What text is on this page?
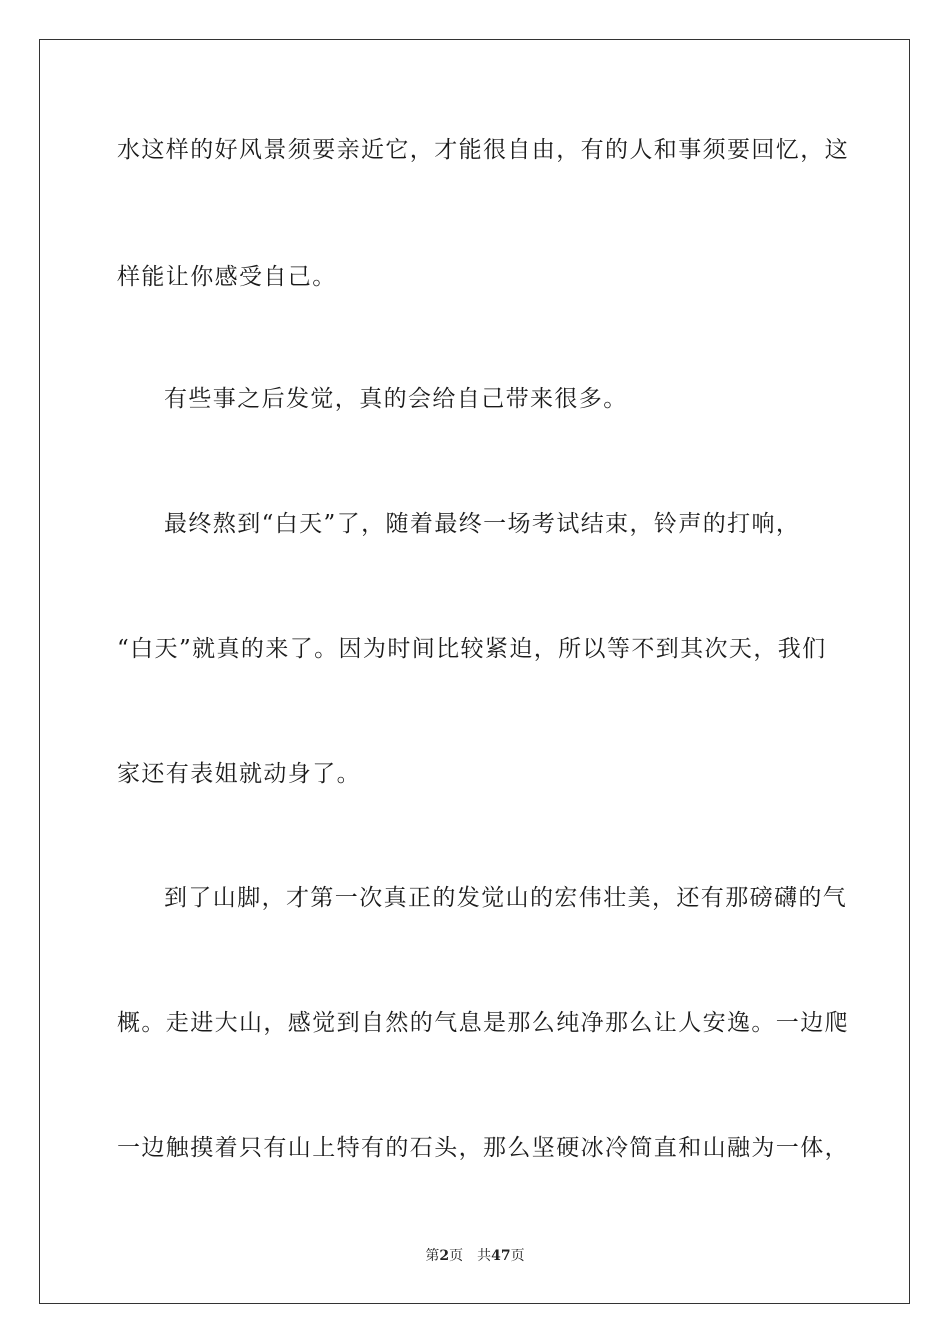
水这样的好风景须要亲近它，才能很自由，有的人和事须要回忆，这
样能让你感受自己。
有些事之后发觉，真的会给自己带来很多。
最终熬到“白天”了，随着最终一场考试结束，铃声的打响，
“白天”就真的来了。因为时间比较紧迫，所以等不到其次天，我们
家还有表姐就动身了。
到了山脚，才第一次真正的发觉山的宏伟壮美，还有那磅礴的气
概。走进大山，感觉到自然的气息是那么纯净那么让人安逸。一边爬
一边触摸着只有山上特有的石头，那么坚硬冰冷简直和山融为一体，
第2页 共47页
